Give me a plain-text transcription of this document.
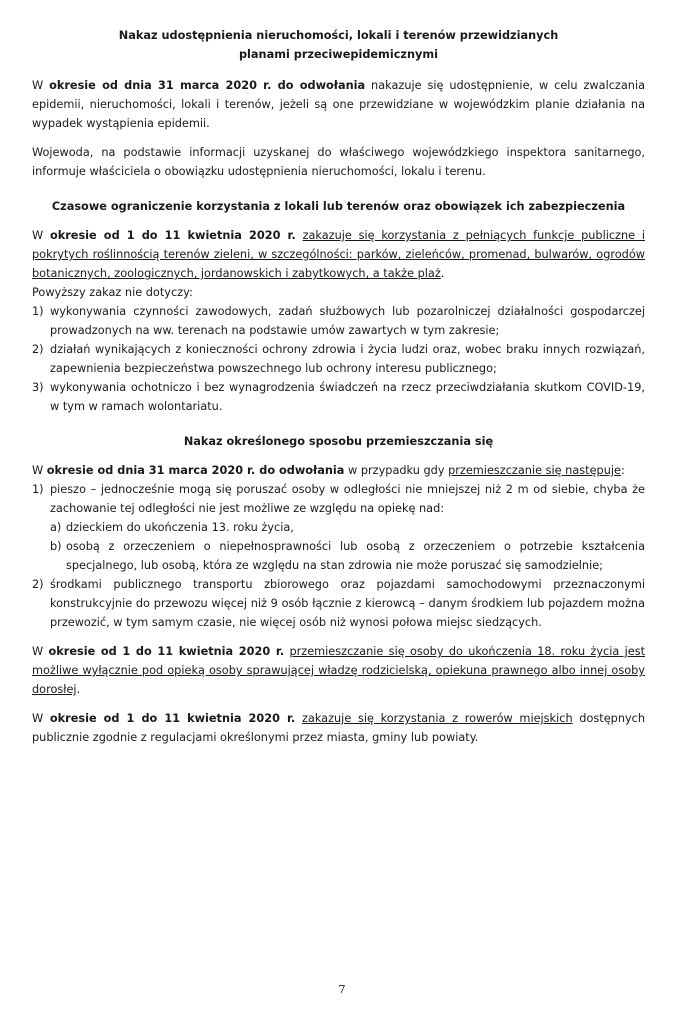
Nakaz udostępnienia nieruchomości, lokali i terenów przewidzianych planami przeciwepidemicznymi

W okresie od dnia 31 marca 2020 r. do odwołania nakazuje się udostępnienie, w celu zwalczania epidemii, nieruchomości, lokali i terenów, jeżeli są one przewidziane w wojewódzkim planie działania na wypadek wystąpienia epidemii.

Wojewoda, na podstawie informacji uzyskanej do właściwego wojewódzkiego inspektora sanitarnego, informuje właściciela o obowiązku udostępnienia nieruchomości, lokalu i terenu.

Czasowe ograniczenie korzystania z lokali lub terenów oraz obowiązek ich zabezpieczenia

W okresie od 1 do 11 kwietnia 2020 r. zakazuje się korzystania z pełniących funkcje publiczne i pokrytych roślinnością terenów zieleni, w szczególności: parków, zieleńców, promenad, bulwarów, ogrodów botanicznych, zoologicznych, jordanowskich i zabytkowych, a także plaż.

Powyższy zakaz nie dotyczy:

1) wykonywania czynności zawodowych, zadań służbowych lub pozarolniczej działalności gospodarczej prowadzonych na ww. terenach na podstawie umów zawartych w tym zakresie;
2) działań wynikających z konieczności ochrony zdrowia i życia ludzi oraz, wobec braku innych rozwiązań, zapewnienia bezpieczeństwa powszechnego lub ochrony interesu publicznego;
3) wykonywania ochotniczo i bez wynagrodzenia świadczeń na rzecz przeciwdziałania skutkom COVID-19, w tym w ramach wolontariatu.

Nakaz określonego sposobu przemieszczania się

W okresie od dnia 31 marca 2020 r. do odwołania w przypadku gdy przemieszczanie się następuje:

1) pieszo – jednocześnie mogą się poruszać osoby w odległości nie mniejszej niż 2 m od siebie, chyba że zachowanie tej odległości nie jest możliwe ze względu na opiekę nad:
a) dzieckiem do ukończenia 13. roku życia,
b) osobą z orzeczeniem o niepełnosprawności lub osobą z orzeczeniem o potrzebie kształcenia specjalnego, lub osobą, która ze względu na stan zdrowia nie może poruszać się samodzielnie;
2) środkami publicznego transportu zbiorowego oraz pojazdami samochodowymi przeznaczonymi konstrukcyjnie do przewozu więcej niż 9 osób łącznie z kierowcą – danym środkiem lub pojazdem można przewozić, w tym samym czasie, nie więcej osób niż wynosi połowa miejsc siedzących.

W okresie od 1 do 11 kwietnia 2020 r. przemieszczanie się osoby do ukończenia 18. roku życia jest możliwe wyłącznie pod opieką osoby sprawującej władzę rodzicielską, opiekuna prawnego albo innej osoby dorosłej.

W okresie od 1 do 11 kwietnia 2020 r. zakazuje się korzystania z rowerów miejskich dostępnych publicznie zgodnie z regulacjami określonymi przez miasta, gminy lub powiaty.

7
